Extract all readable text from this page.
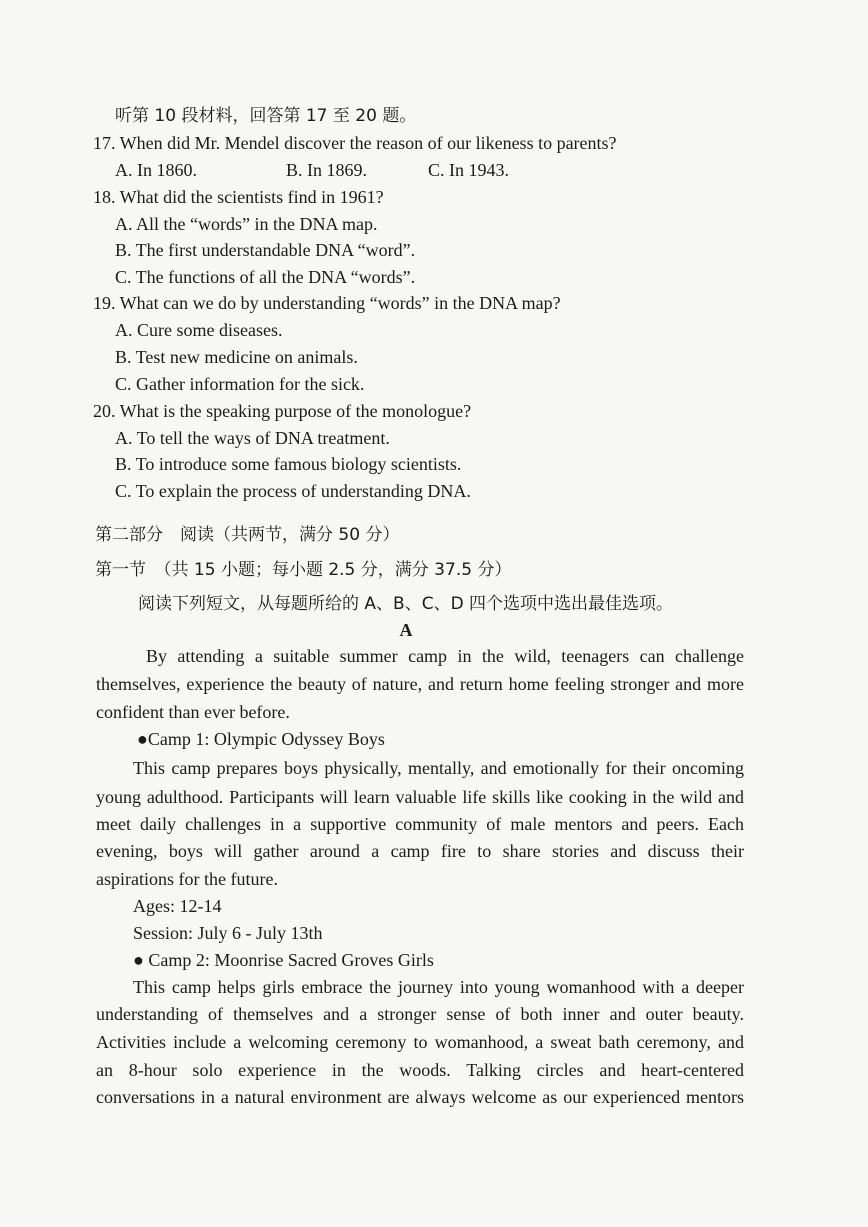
听第 10 段材料，回答第 17 至 20 题。
17. When did Mr. Mendel discover the reason of our likeness to parents?
A. In 1860.	B. In 1869.	C. In 1943.
18. What did the scientists find in 1961?
A. All the “words” in the DNA map.
B. The first understandable DNA “word”.
C. The functions of all the DNA “words”.
19. What can we do by understanding “words” in the DNA map?
A. Cure some diseases.
B. Test new medicine on animals.
C. Gather information for the sick.
20. What is the speaking purpose of the monologue?
A. To tell the ways of DNA treatment.
B. To introduce some famous biology scientists.
C. To explain the process of understanding DNA.
第二部分　阅读（共两节，满分 50 分）
第一节　（共 15 小题；每小题 2.5 分，满分 37.5 分）
阅读下列短文，从每题所给的 A、B、C、D 四个选项中选出最佳选项。
A
By attending a suitable summer camp in the wild, teenagers can challenge
themselves, experience the beauty of nature, and return home feeling stronger and more
confident than ever before.
●Camp 1: Olympic Odyssey Boys
This camp prepares boys physically, mentally, and emotionally for their oncoming
young adulthood. Participants will learn valuable life skills like cooking in the wild and
meet daily challenges in a supportive community of male mentors and peers. Each
evening, boys will gather around a camp fire to share stories and discuss their
aspirations for the future.
Ages: 12-14
Session: July 6 - July 13th
● Camp 2: Moonrise Sacred Groves Girls
This camp helps girls embrace the journey into young womanhood with a deeper
understanding of themselves and a stronger sense of both inner and outer beauty.
Activities include a welcoming ceremony to womanhood, a sweat bath ceremony, and
an 8-hour solo experience in the woods. Talking circles and heart-centered
conversations in a natural environment are always welcome as our experienced mentors
